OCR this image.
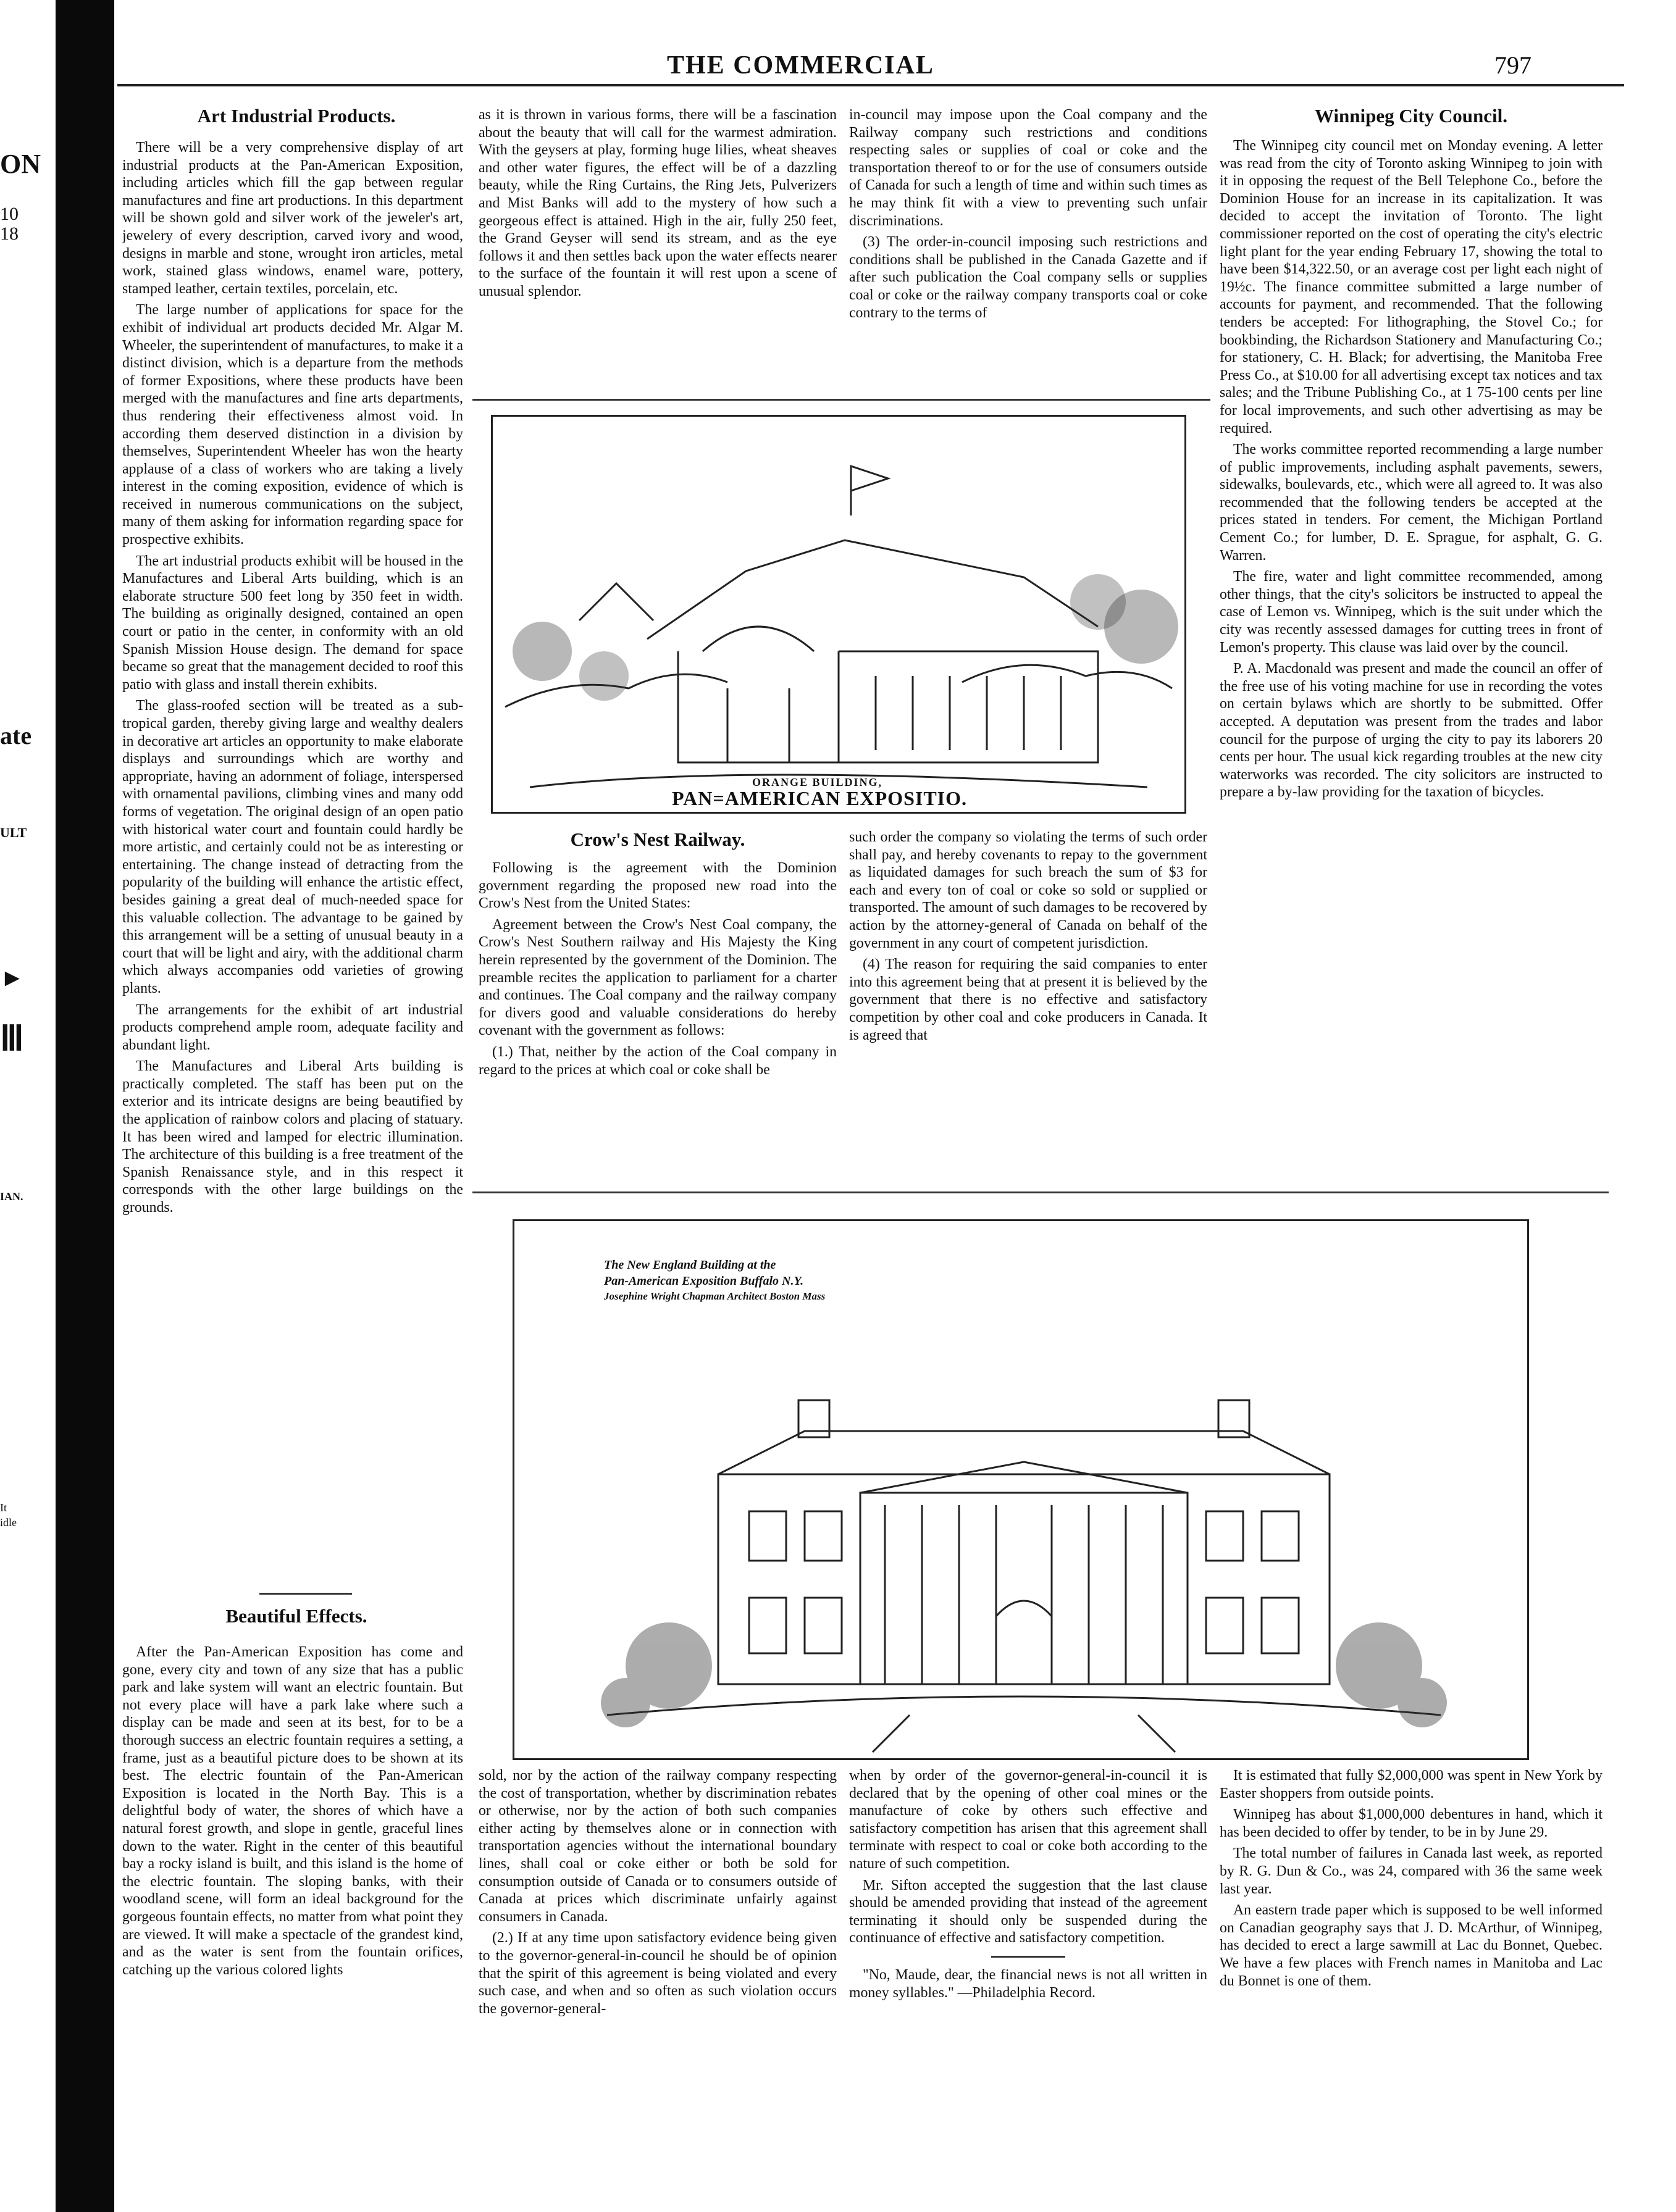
ON
10
18
ate
ULT
IAN.
It
idle
►
Ⅲ
THE COMMERCIAL	797
Art Industrial Products.

There will be a very comprehensive display of art industrial products at the Pan-American Exposition, including articles which fill the gap between regular manufactures and fine art productions. In this department will be shown gold and silver work of the jeweler's art, jewelery of every description, carved ivory and wood, designs in marble and stone, wrought iron articles, metal work, stained glass windows, enamel ware, pottery, stamped leather, certain textiles, porcelain, etc.

The large number of applications for space for the exhibit of individual art products decided Mr. Algar M. Wheeler, the superintendent of manufactures, to make it a distinct division, which is a departure from the methods of former Expositions, where these products have been merged with the manufactures and fine arts departments, thus rendering their effectiveness almost void. In according them deserved distinction in a division by themselves, Superintendent Wheeler has won the hearty applause of a class of workers who are taking a lively interest in the coming exposition, evidence of which is received in numerous communications on the subject, many of them asking for information regarding space for prospective exhibits.

The art industrial products exhibit will be housed in the Manufactures and Liberal Arts building, which is an elaborate structure 500 feet long by 350 feet in width. The building as originally designed, contained an open court or patio in the center, in conformity with an old Spanish Mission House design. The demand for space became so great that the management decided to roof this patio with glass and install therein exhibits.

The glass-roofed section will be treated as a sub-tropical garden, thereby giving large and wealthy dealers in decorative art articles an opportunity to make elaborate displays and surroundings which are worthy and appropriate, having an adornment of foliage, interspersed with ornamental pavilions, climbing vines and many odd forms of vegetation. The original design of an open patio with historical water court and fountain could hardly be more artistic, and certainly could not be as interesting or entertaining. The change instead of detracting from the popularity of the building will enhance the artistic effect, besides gaining a great deal of much-needed space for this valuable collection. The advantage to be gained by this arrangement will be a setting of unusual beauty in a court that will be light and airy, with the additional charm which always accompanies odd varieties of growing plants.

The arrangements for the exhibit of art industrial products comprehend ample room, adequate facility and abundant light.

The Manufactures and Liberal Arts building is practically completed. The staff has been put on the exterior and its intricate designs are being beautified by the application of rainbow colors and placing of statuary. It has been wired and lamped for electric illumination. The architecture of this building is a free treatment of the Spanish Renaissance style, and in this respect it corresponds with the other large buildings on the grounds.

Beautiful Effects.

After the Pan-American Exposition has come and gone, every city and town of any size that has a public park and lake system will want an electric fountain. But not every place will have a park lake where such a display can be made and seen at its best, for to be a thorough success an electric fountain requires a setting, a frame, just as a beautiful picture does to be shown at its best. The electric fountain of the Pan-American Exposition is located in the North Bay. This is a delightful body of water, the shores of which have a natural forest growth, and slope in gentle, graceful lines down to the water. Right in the center of this beautiful bay a rocky island is built, and this island is the home of the electric fountain. The sloping banks, with their woodland scene, will form an ideal background for the gorgeous fountain effects, no matter from what point they are viewed. It will make a spectacle of the grandest kind, and as the water is sent from the fountain orifices, catching up the various colored lights

as it is thrown in various forms, there will be a fascination about the beauty that will call for the warmest admiration. With the geysers at play, forming huge lilies, wheat sheaves and other water figures, the effect will be of a dazzling beauty, while the Ring Curtains, the Ring Jets, Pulverizers and Mist Banks will add to the mystery of how such a georgeous effect is attained. High in the air, fully 250 feet, the Grand Geyser will send its stream, and as the eye follows it and then settles back upon the water effects nearer to the surface of the fountain it will rest upon a scene of unusual splendor.

in-council may impose upon the Coal company and the Railway company such restrictions and conditions respecting sales or supplies of coal or coke and the transportation thereof to or for the use of consumers outside of Canada for such a length of time and within such times as he may think fit with a view to preventing such unfair discriminations.

(3) The order-in-council imposing such restrictions and conditions shall be published in the Canada Gazette and if after such publication the Coal company sells or supplies coal or coke or the railway company transports coal or coke contrary to the terms of

ORANGE BUILDING,
PAN=AMERICAN EXPOSITIO.
Crow's Nest Railway.

Following is the agreement with the Dominion government regarding the proposed new road into the Crow's Nest from the United States:

Agreement between the Crow's Nest Coal company, the Crow's Nest Southern railway and His Majesty the King herein represented by the government of the Dominion. The preamble recites the application to parliament for a charter and continues. The Coal company and the railway company for divers good and valuable considerations do hereby covenant with the government as follows:

(1.) That, neither by the action of the Coal company in regard to the prices at which coal or coke shall be

such order the company so violating the terms of such order shall pay, and hereby covenants to repay to the government as liquidated damages for such breach the sum of $3 for each and every ton of coal or coke so sold or supplied or transported. The amount of such damages to be recovered by action by the attorney-general of Canada on behalf of the government in any court of competent jurisdiction.

(4) The reason for requiring the said companies to enter into this agreement being that at present it is believed by the government that there is no effective and satisfactory competition by other coal and coke producers in Canada. It is agreed that

Winnipeg City Council.

The Winnipeg city council met on Monday evening. A letter was read from the city of Toronto asking Winnipeg to join with it in opposing the request of the Bell Telephone Co., before the Dominion House for an increase in its capitalization. It was decided to accept the invitation of Toronto. The light commissioner reported on the cost of operating the city's electric light plant for the year ending February 17, showing the total to have been $14,322.50, or an average cost per light each night of 19½c. The finance committee submitted a large number of accounts for payment, and recommended. That the following tenders be accepted: For lithographing, the Stovel Co.; for bookbinding, the Richardson Stationery and Manufacturing Co.; for stationery, C. H. Black; for advertising, the Manitoba Free Press Co., at $10.00 for all advertising except tax notices and tax sales; and the Tribune Publishing Co., at 1 75-100 cents per line for local improvements, and such other advertising as may be required.

The works committee reported recommending a large number of public improvements, including asphalt pavements, sewers, sidewalks, boulevards, etc., which were all agreed to. It was also recommended that the following tenders be accepted at the prices stated in tenders. For cement, the Michigan Portland Cement Co.; for lumber, D. E. Sprague, for asphalt, G. G. Warren.

The fire, water and light committee recommended, among other things, that the city's solicitors be instructed to appeal the case of Lemon vs. Winnipeg, which is the suit under which the city was recently assessed damages for cutting trees in front of Lemon's property. This clause was laid over by the council.

P. A. Macdonald was present and made the council an offer of the free use of his voting machine for use in recording the votes on certain bylaws which are shortly to be submitted. Offer accepted. A deputation was present from the trades and labor council for the purpose of urging the city to pay its laborers 20 cents per hour. The usual kick regarding troubles at the new city waterworks was recorded. The city solicitors are instructed to prepare a by-law providing for the taxation of bicycles.

The New England Building at the
Pan-American Exposition Buffalo N.Y.
Josephine Wright Chapman Architect Boston Mass

sold, nor by the action of the railway company respecting the cost of transportation, whether by discrimination rebates or otherwise, nor by the action of both such companies either acting by themselves alone or in connection with transportation agencies without the international boundary lines, shall coal or coke either or both be sold for consumption outside of Canada or to consumers outside of Canada at prices which discriminate unfairly against consumers in Canada.

(2.) If at any time upon satisfactory evidence being given to the governor-general-in-council he should be of opinion that the spirit of this agreement is being violated and every such case, and when and so often as such violation occurs the governor-general-

when by order of the governor-general-in-council it is declared that by the opening of other coal mines or the manufacture of coke by others such effective and satisfactory competition has arisen that this agreement shall terminate with respect to coal or coke both according to the nature of such competition.

Mr. Sifton accepted the suggestion that the last clause should be amended providing that instead of the agreement terminating it should only be suspended during the continuance of effective and satisfactory competition.

"No, Maude, dear, the financial news is not all written in money syllables." —Philadelphia Record.

It is estimated that fully $2,000,000 was spent in New York by Easter shoppers from outside points.

Winnipeg has about $1,000,000 debentures in hand, which it has been decided to offer by tender, to be in by June 29.

The total number of failures in Canada last week, as reported by R. G. Dun & Co., was 24, compared with 36 the same week last year.

An eastern trade paper which is supposed to be well informed on Canadian geography says that J. D. McArthur, of Winnipeg, has decided to erect a large sawmill at Lac du Bonnet, Quebec. We have a few places with French names in Manitoba and Lac du Bonnet is one of them.
